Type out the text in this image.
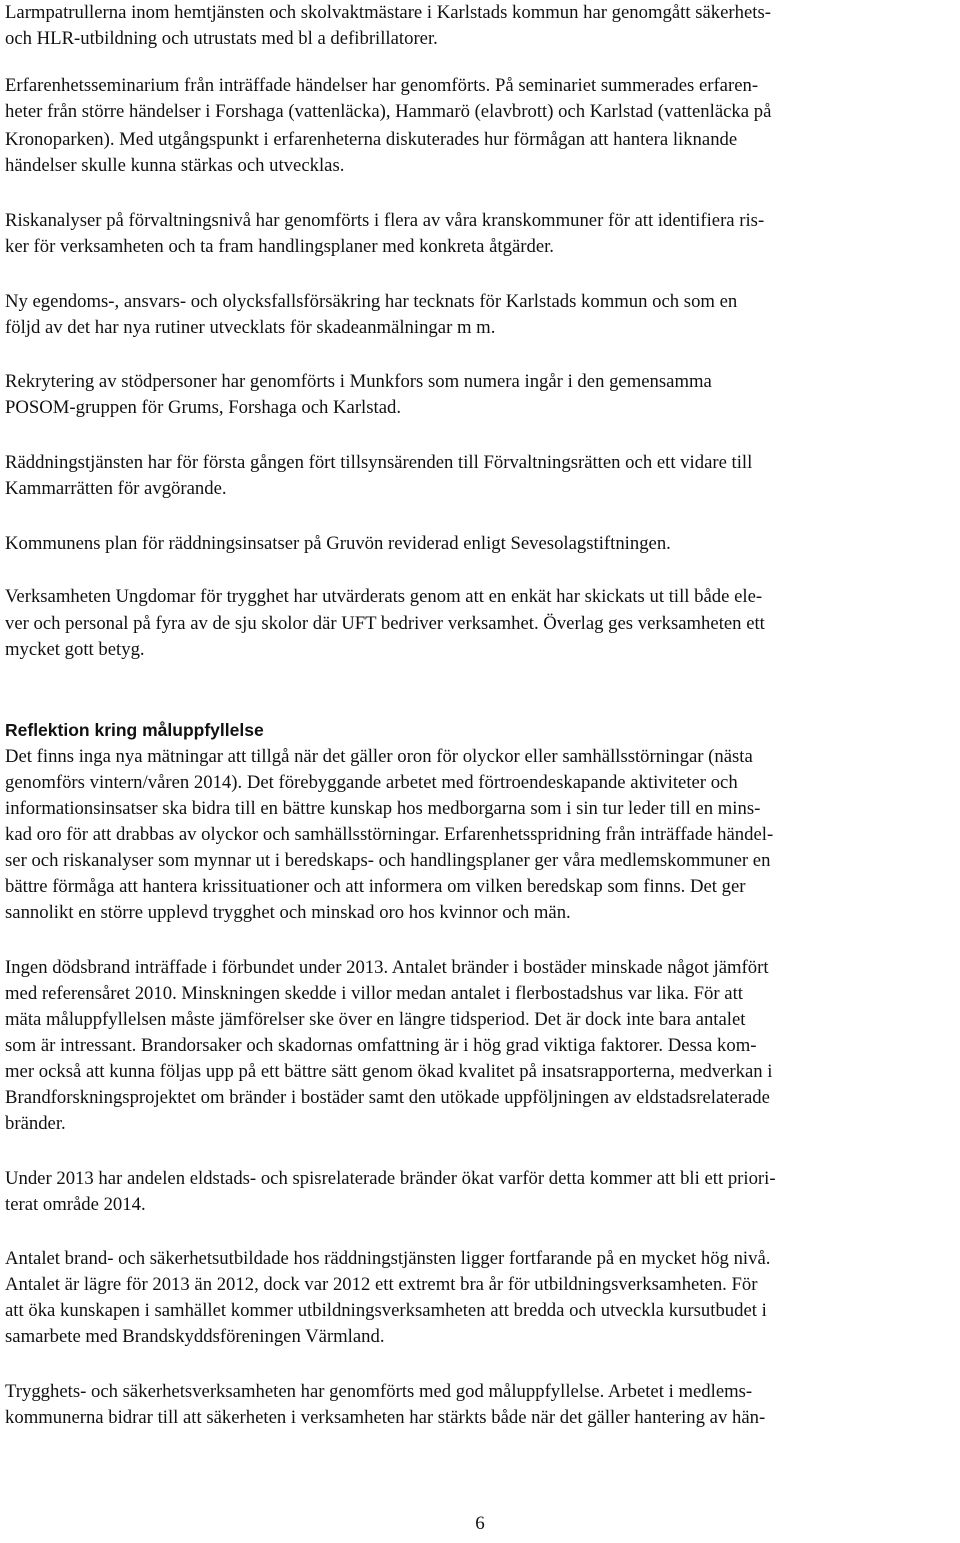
Larmpatrullerna inom hemtjänsten och skolvaktmästare i Karlstads kommun har genomgått säkerhets-
och HLR-utbildning och utrustats med bl a defibrillatorer.
Erfarenhetsseminarium från inträffade händelser har genomförts. På seminariet summerades erfaren-
heter från större händelser i Forshaga (vattenläcka), Hammarö (elavbrott) och Karlstad (vattenläcka på
Kronoparken). Med utgångspunkt i erfarenheterna diskuterades hur förmågan att hantera liknande
händelser skulle kunna stärkas och utvecklas.
Riskanalyser på förvaltningsnivå har genomförts i flera av våra kranskommuner för att identifiera ris-
ker för verksamheten och ta fram handlingsplaner med konkreta åtgärder.
Ny egendoms-, ansvars- och olycksfallsförsäkring har tecknats för Karlstads kommun och som en
följd av det har nya rutiner utvecklats för skadeanmälningar m m.
Rekrytering av stödpersoner har genomförts i Munkfors som numera ingår i den gemensamma
POSOM-gruppen för Grums, Forshaga och Karlstad.
Räddningstjänsten har för första gången fört tillsynsärenden till Förvaltningsrätten och ett vidare till
Kammarrätten för avgörande.
Kommunens plan för räddningsinsatser på Gruvön reviderad enligt Sevesolagstiftningen.
Verksamheten Ungdomar för trygghet har utvärderats genom att en enkät har skickats ut till både ele-
ver och personal på fyra av de sju skolor där UFT bedriver verksamhet. Överlag ges verksamheten ett
mycket gott betyg.
Reflektion kring måluppfyllelse
Det finns inga nya mätningar att tillgå när det gäller oron för olyckor eller samhällsstörningar (nästa
genomförs vintern/våren 2014). Det förebyggande arbetet med förtroendeskapande aktiviteter och
informationsinsatser ska bidra till en bättre kunskap hos medborgarna som i sin tur leder till en mins-
kad oro för att drabbas av olyckor och samhällsstörningar. Erfarenhetsspridning från inträffade händel-
ser och riskanalyser som mynnar ut i beredskaps- och handlingsplaner ger våra medlemskommuner en
bättre förmåga att hantera krissituationer och att informera om vilken beredskap som finns. Det ger
sannolikt en större upplevd trygghet och minskad oro hos kvinnor och män.
Ingen dödsbrand inträffade i förbundet under 2013. Antalet bränder i bostäder minskade något jämfört
med referensåret 2010. Minskningen skedde i villor medan antalet i flerbostadshus var lika. För att
mäta måluppfyllelsen måste jämförelser ske över en längre tidsperiod. Det är dock inte bara antalet
som är intressant. Brandorsaker och skadornas omfattning är i hög grad viktiga faktorer. Dessa kom-
mer också att kunna följas upp på ett bättre sätt genom ökad kvalitet på insatsrapporterna, medverkan i
Brandforskningsprojektet om bränder i bostäder samt den utökade uppföljningen av eldstadsrelaterade
bränder.
Under 2013 har andelen eldstads- och spisrelaterade bränder ökat varför detta kommer att bli ett priori-
terat område 2014.
Antalet brand- och säkerhetsutbildade hos räddningstjänsten ligger fortfarande på en mycket hög nivå.
Antalet är lägre för 2013 än 2012, dock var 2012 ett extremt bra år för utbildningsverksamheten. För
att öka kunskapen i samhället kommer utbildningsverksamheten att bredda och utveckla kursutbudet i
samarbete med Brandskyddsföreningen Värmland.
Trygghets- och säkerhetsverksamheten har genomförts med god måluppfyllelse. Arbetet i medlems-
kommunerna bidrar till att säkerheten i verksamheten har stärkts både när det gäller hantering av hän-
6
